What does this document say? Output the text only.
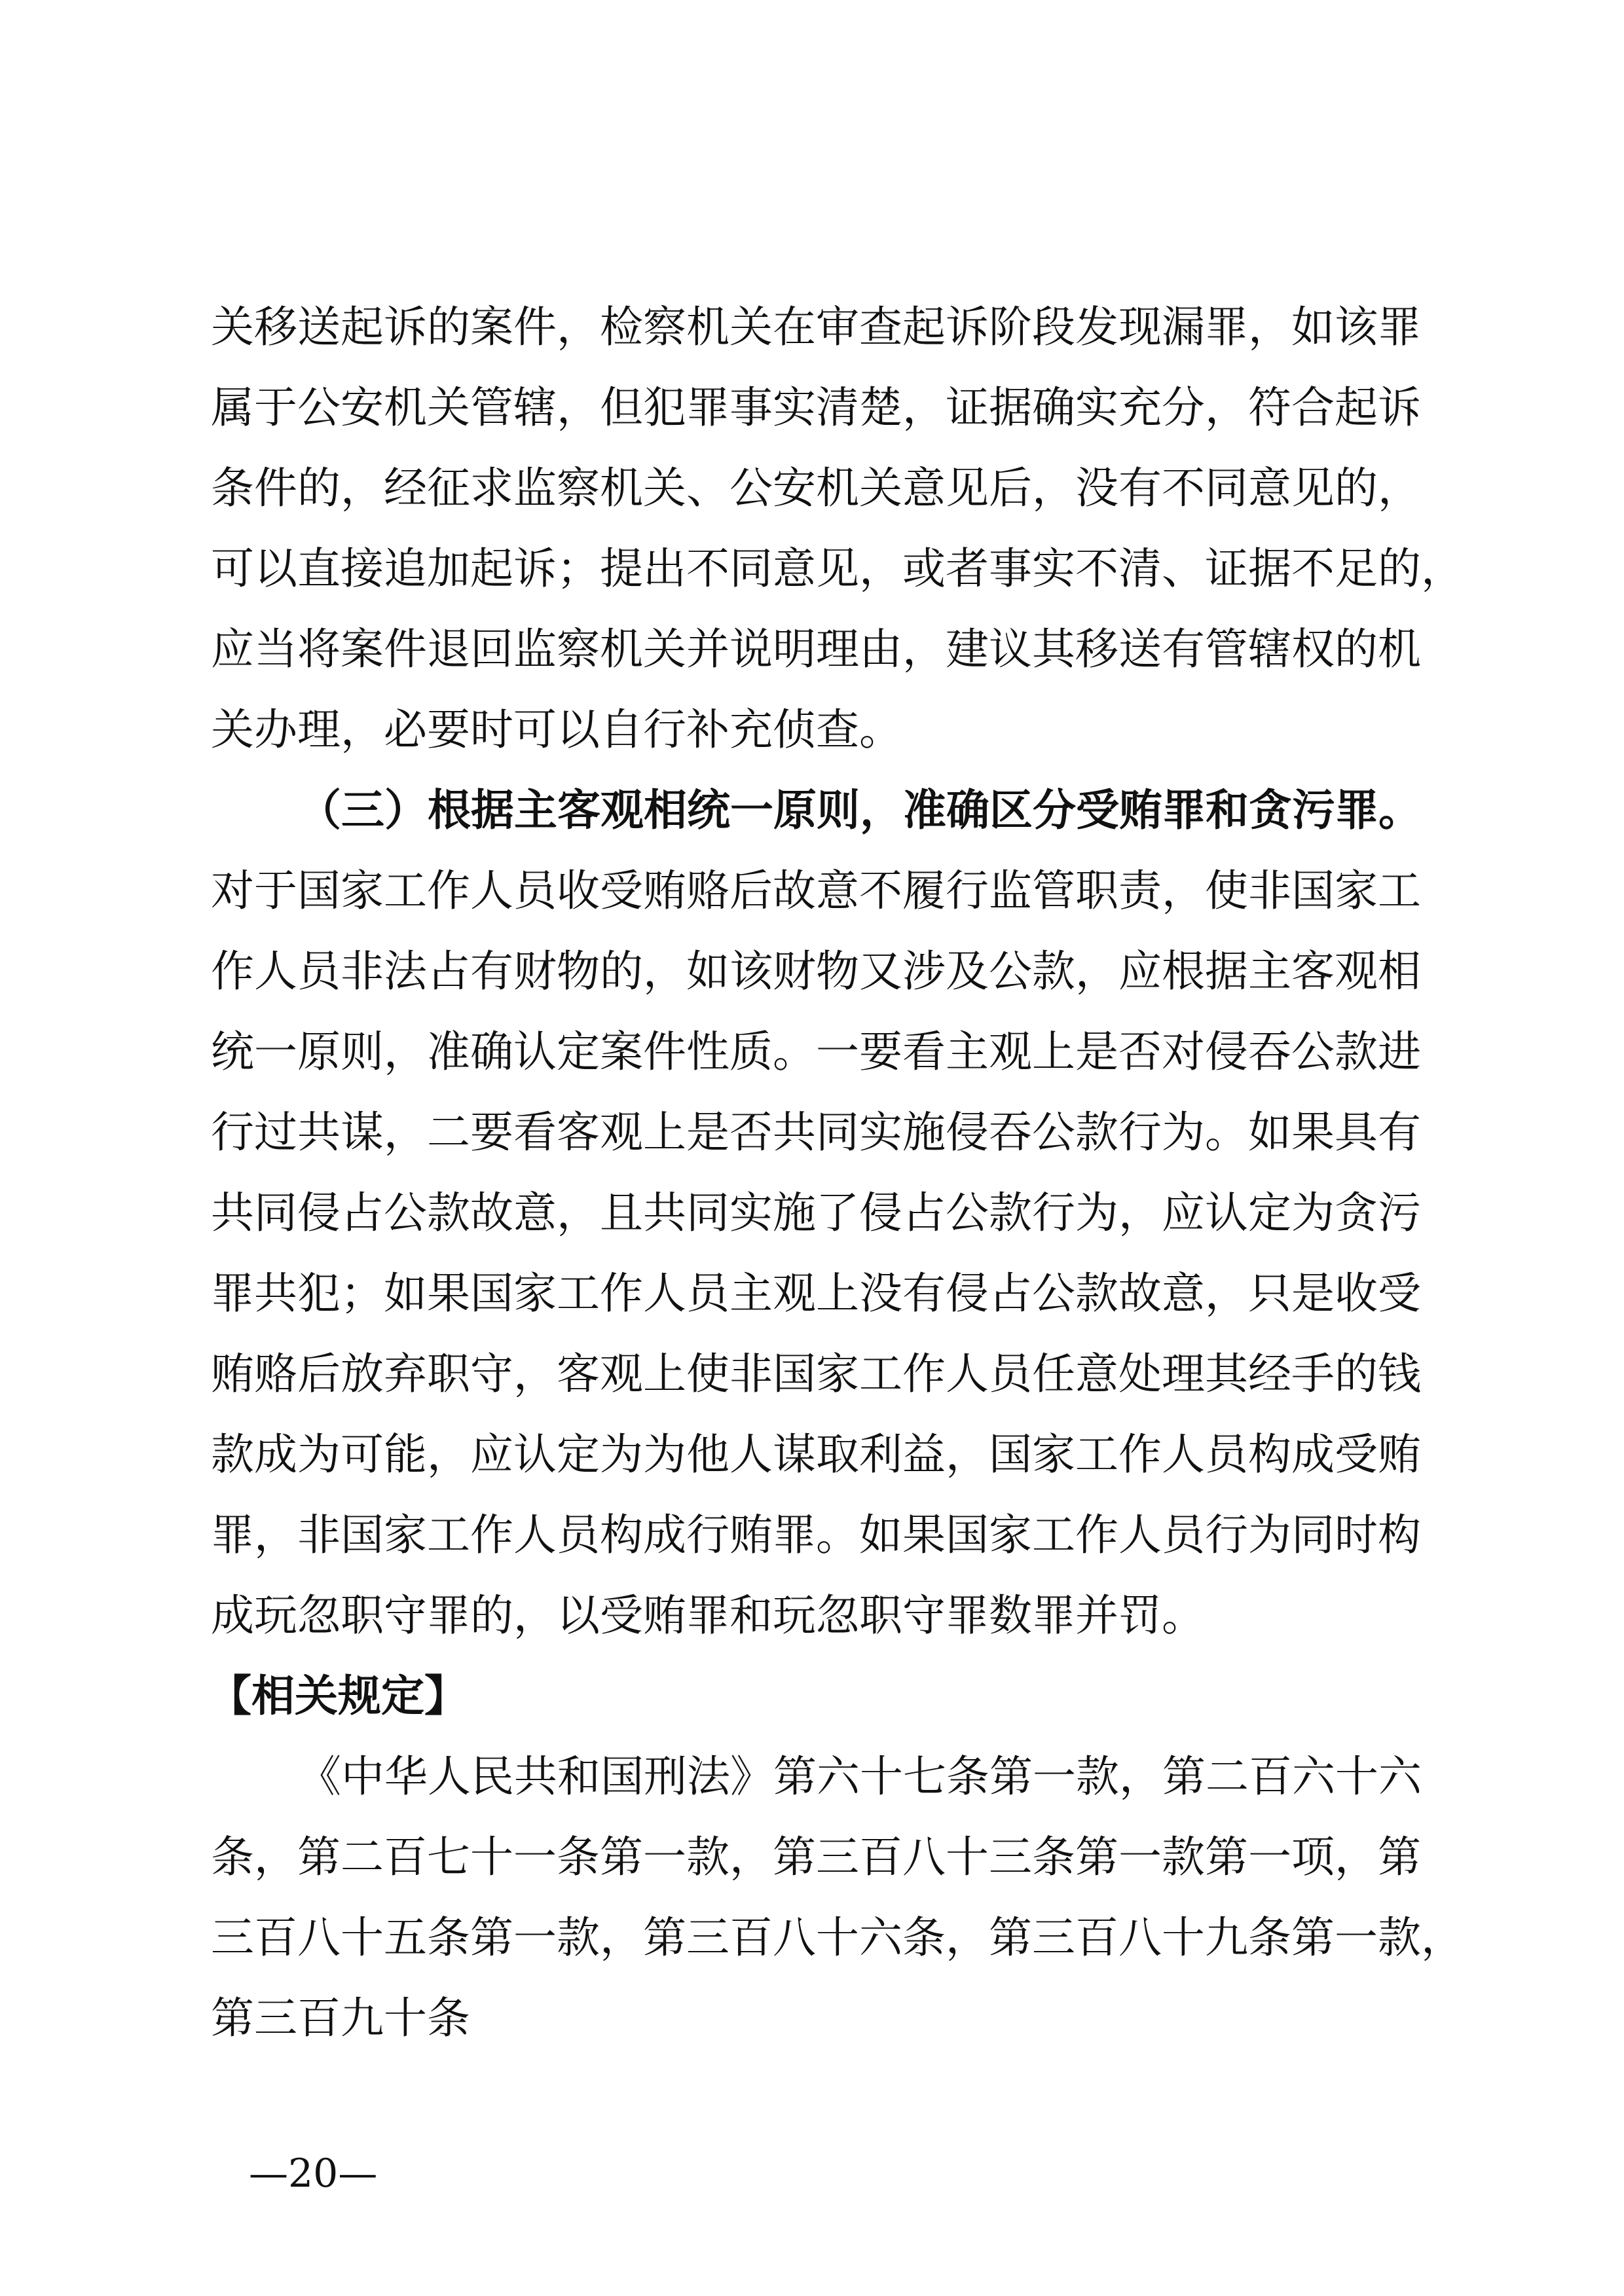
关移送起诉的案件，检察机关在审查起诉阶段发现漏罪，如该罪
属于公安机关管辖，但犯罪事实清楚，证据确实充分，符合起诉
条件的，经征求监察机关、公安机关意见后，没有不同意见的，
可以直接追加起诉；提出不同意见，或者事实不清、证据不足的，
应当将案件退回监察机关并说明理由，建议其移送有管辖权的机
关办理，必要时可以自行补充侦查。
（三）根据主客观相统一原则，准确区分受贿罪和贪污罪。
对于国家工作人员收受贿赂后故意不履行监管职责，使非国家工
作人员非法占有财物的，如该财物又涉及公款，应根据主客观相
统一原则，准确认定案件性质。一要看主观上是否对侵吞公款进
行过共谋，二要看客观上是否共同实施侵吞公款行为。如果具有
共同侵占公款故意，且共同实施了侵占公款行为，应认定为贪污
罪共犯；如果国家工作人员主观上没有侵占公款故意，只是收受
贿赂后放弃职守，客观上使非国家工作人员任意处理其经手的钱
款成为可能，应认定为为他人谋取利益，国家工作人员构成受贿
罪，非国家工作人员构成行贿罪。如果国家工作人员行为同时构
成玩忽职守罪的，以受贿罪和玩忽职守罪数罪并罚。
【相关规定】
《中华人民共和国刑法》第六十七条第一款，第二百六十六
条，第二百七十一条第一款，第三百八十三条第一款第一项，第
三百八十五条第一款，第三百八十六条，第三百八十九条第一款，
第三百九十条
—20—
